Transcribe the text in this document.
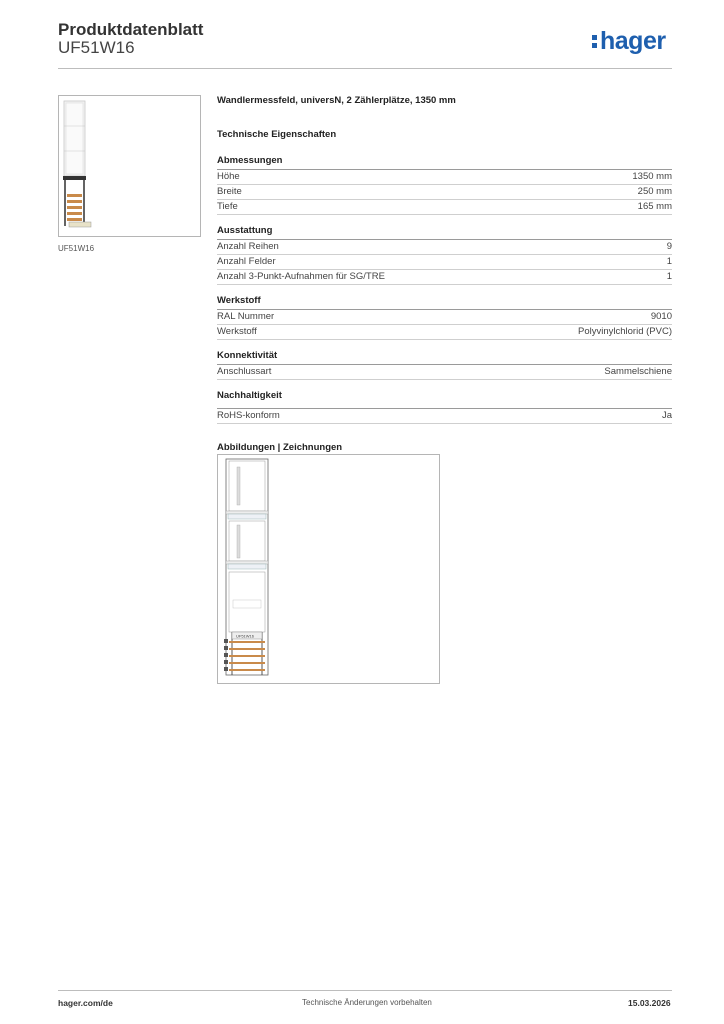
Produktdatenblatt
UF51W16	hager
UF51W16
Wandlermessfeld, universN, 2 Zählerplätze, 1350 mm
Technische Eigenschaften
Abmessungen
Höhe	1350 mm
Breite	250 mm
Tiefe	165 mm
Ausstattung
Anzahl Reihen	9
Anzahl Felder	1
Anzahl 3-Punkt-Aufnahmen für SG/TRE	1
Werkstoff
RAL Nummer	9010
Werkstoff	Polyvinylchlorid (PVC)
Konnektivität
Anschlussart	Sammelschiene
Nachhaltigkeit
RoHS-konform	Ja
Abbildungen | Zeichnungen
UF51W16
hager.com/de	Technische Änderungen vorbehalten	15.03.2026
